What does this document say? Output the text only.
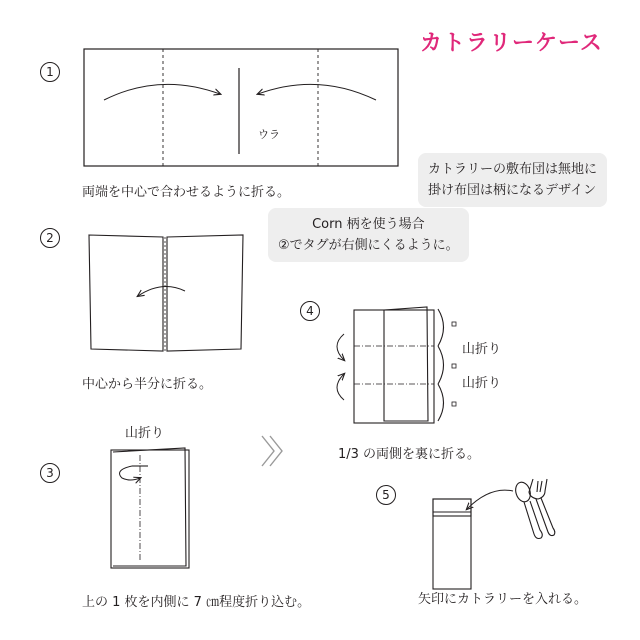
カトラリーケース
1
2
3
4
5
ウラ
両端を中心で合わせるように折る。
カトラリーの敷布団は無地に
掛け布団は柄になるデザイン
Corn 柄を使う場合
②でタグが右側にくるように。
中心から半分に折る。
山折り
上の 1 枚を内側に 7 ㎝程度折り込む。
山折り
山折り
1/3 の両側を裏に折る。
矢印にカトラリーを入れる。
